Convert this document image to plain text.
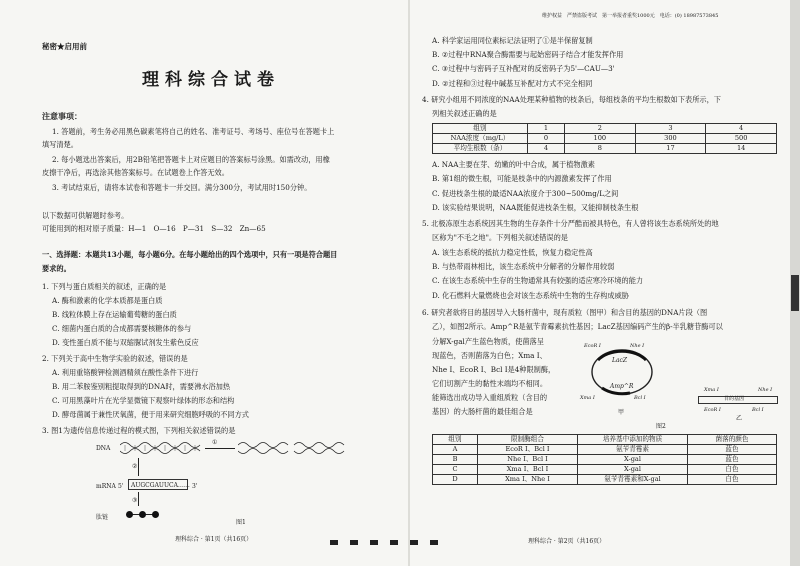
秘密★启用前
理科综合试卷
注意事项：
1. 答题前，考生务必用黑色碳素笔将自己的姓名、准考证号、考场号、座位号在答题卡上
填写清楚。
2. 每小题选出答案后，用2B铅笔把答题卡上对应题目的答案标号涂黑。如需改动，用橡
皮擦干净后，再选涂其他答案标号。在试题卷上作答无效。
3. 考试结束后，请将本试卷和答题卡一并交回。满分300分，考试用时150分钟。
以下数据可供解题时参考。
可能用到的相对原子质量：H—1　O—16　P—31　S—32　Zn—65
一、选择题：本题共13小题，每小题6分。在每小题给出的四个选项中，只有一项是符合题目
要求的。
1. 下列与蛋白质相关的叙述，正确的是
A. 酶和激素的化学本质都是蛋白质
B. 线粒体膜上存在运输葡萄糖的蛋白质
C. 细菌内蛋白质的合成都需要核糖体的参与
D. 变性蛋白质不能与双缩脲试剂发生紫色反应
2. 下列关于高中生物学实验的叙述，错误的是
A. 利用重铬酸钾检测酒精须在酸性条件下进行
B. 用二苯胺鉴别粗提取得到的DNA时，需要沸水浴加热
C. 可用黑藻叶片在光学显微镜下观察叶绿体的形态和结构
D. 酵母菌属于兼性厌氧菌，便于用来研究细胞呼吸的不同方式
3. 图1为遗传信息传递过程的模式图，下列相关叙述错误的是
DNA
①
②
mRNA 5' AUGCGAUUCA…… 3'
③
肽链
图1
理科综合 · 第1页（共16页）
维护权益　严禁盗版考试　第一举报者重奖1000元　电话：(0) 18987573845
A. 科学家运用同位素标记法证明了①是半保留复制
B. ②过程中RNA聚合酶需要与起始密码子结合才能发挥作用
C. ③过程中与密码子互补配对的反密码子为5'—CAU—3'
D. ②过程和③过程中碱基互补配对方式不完全相同
4. 研究小组用不同浓度的NAA处理某种植物的枝条后，每组枝条的平均生根数如下表所示，下
列相关叙述正确的是
组别	1	2	3	4
NAA浓度（mg/L）	0	100	300	500
平均生根数（条）	4	8	17	14
A. NAA主要在芽、幼嫩的叶中合成，属于植物激素
B. 第1组的微生根，可能是枝条中的内源激素发挥了作用
C. 促进枝条生根的最适NAA浓度介于300~500mg/L之间
D. 该实验结果说明，NAA既能促进枝条生根，又能抑制枝条生根
5. 北极冻原生态系统因其生物的生存条件十分严酷而被具特色，有人曾将该生态系统所处的地
区称为"不毛之地"。下列相关叙述错误的是
A. 该生态系统的抵抗力稳定性低，恢复力稳定性高
B. 与热带雨林相比，该生态系统中分解者的分解作用较弱
C. 在该生态系统中生存的生物通常具有较强的适应寒冷环境的能力
D. 化石燃料大量燃烧也会对该生态系统中生物的生存构成威胁
6. 研究者欲将目的基因导入大肠杆菌中，现有质粒（图甲）和含目的基因的DNA片段（图
乙），如图2所示。Amp^R是氨苄青霉素抗性基因；LacZ基因编码产生的β-半乳糖苷酶可以
分解X-gal产生蓝色物质，使菌落呈
现蓝色，否则菌落为白色；Xma Ⅰ、
Nhe Ⅰ、EcoR Ⅰ、Bcl Ⅰ是4种限制酶，
它们切割产生的黏性末端均不相同。
能筛选出成功导入重组质粒（含目的
基因）的大肠杆菌的最佳组合是
LacZ
Amp^R
EcoR Ⅰ	Nhe Ⅰ
Xma Ⅰ	Bcl Ⅰ
甲
Xma Ⅰ	Nhe Ⅰ
目的基因
EcoR Ⅰ	Bcl Ⅰ
乙
图2
组别	限制酶组合	培养基中添加的物质	菌落的颜色
A	EcoR Ⅰ、Bcl Ⅰ	氨苄青霉素	蓝色
B	Nhe Ⅰ、Bcl Ⅰ	X-gal	蓝色
C	Xma Ⅰ、Bcl Ⅰ	X-gal	白色
D	Xma Ⅰ、Nhe Ⅰ	氨苄青霉素和X-gal	白色
理科综合 · 第2页（共16页）
